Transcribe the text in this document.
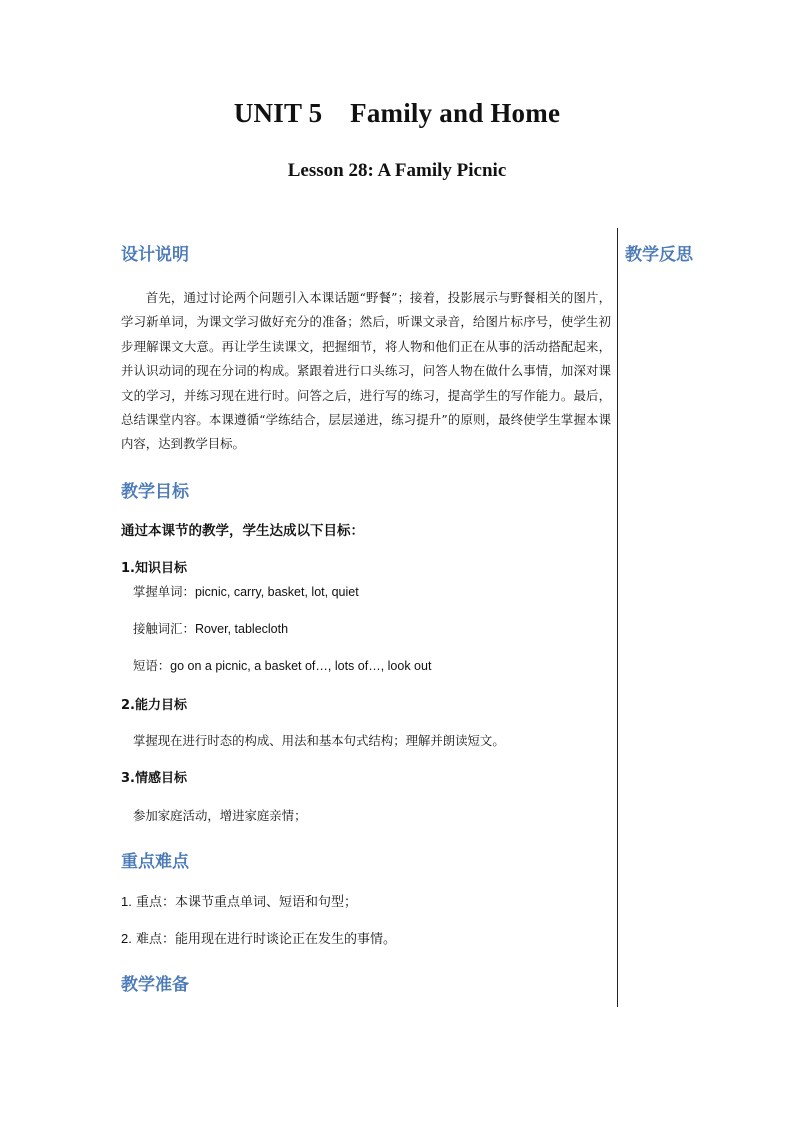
UNIT 5    Family and Home
Lesson 28: A Family Picnic
教学反思
设计说明

首先，通过讨论两个问题引入本课话题“野餐”；接着，投影展示与野餐相关的图片，学习新单词，为课文学习做好充分的准备；然后，听课文录音，给图片标序号，使学生初步理解课文大意。再让学生读课文，把握细节，将人物和他们正在从事的活动搭配起来，并认识动词的现在分词的构成。紧跟着进行口头练习，问答人物在做什么事情，加深对课文的学习，并练习现在进行时。问答之后，进行写的练习，提高学生的写作能力。最后，总结课堂内容。本课遵循“学练结合，层层递进，练习提升”的原则，最终使学生掌握本课内容，达到教学目标。

教学目标
通过本课节的教学，学生达成以下目标：
1.知识目标
掌握单词：picnic, carry, basket, lot, quiet
接触词汇：Rover, tablecloth
短语：go on a picnic, a basket of…, lots of…, look out
2.能力目标
掌握现在进行时态的构成、用法和基本句式结构；理解并朗读短文。
3.情感目标
参加家庭活动，增进家庭亲情；
重点难点
1. 重点：本课节重点单词、短语和句型；
2. 难点：能用现在进行时谈论正在发生的事情。
教学准备
